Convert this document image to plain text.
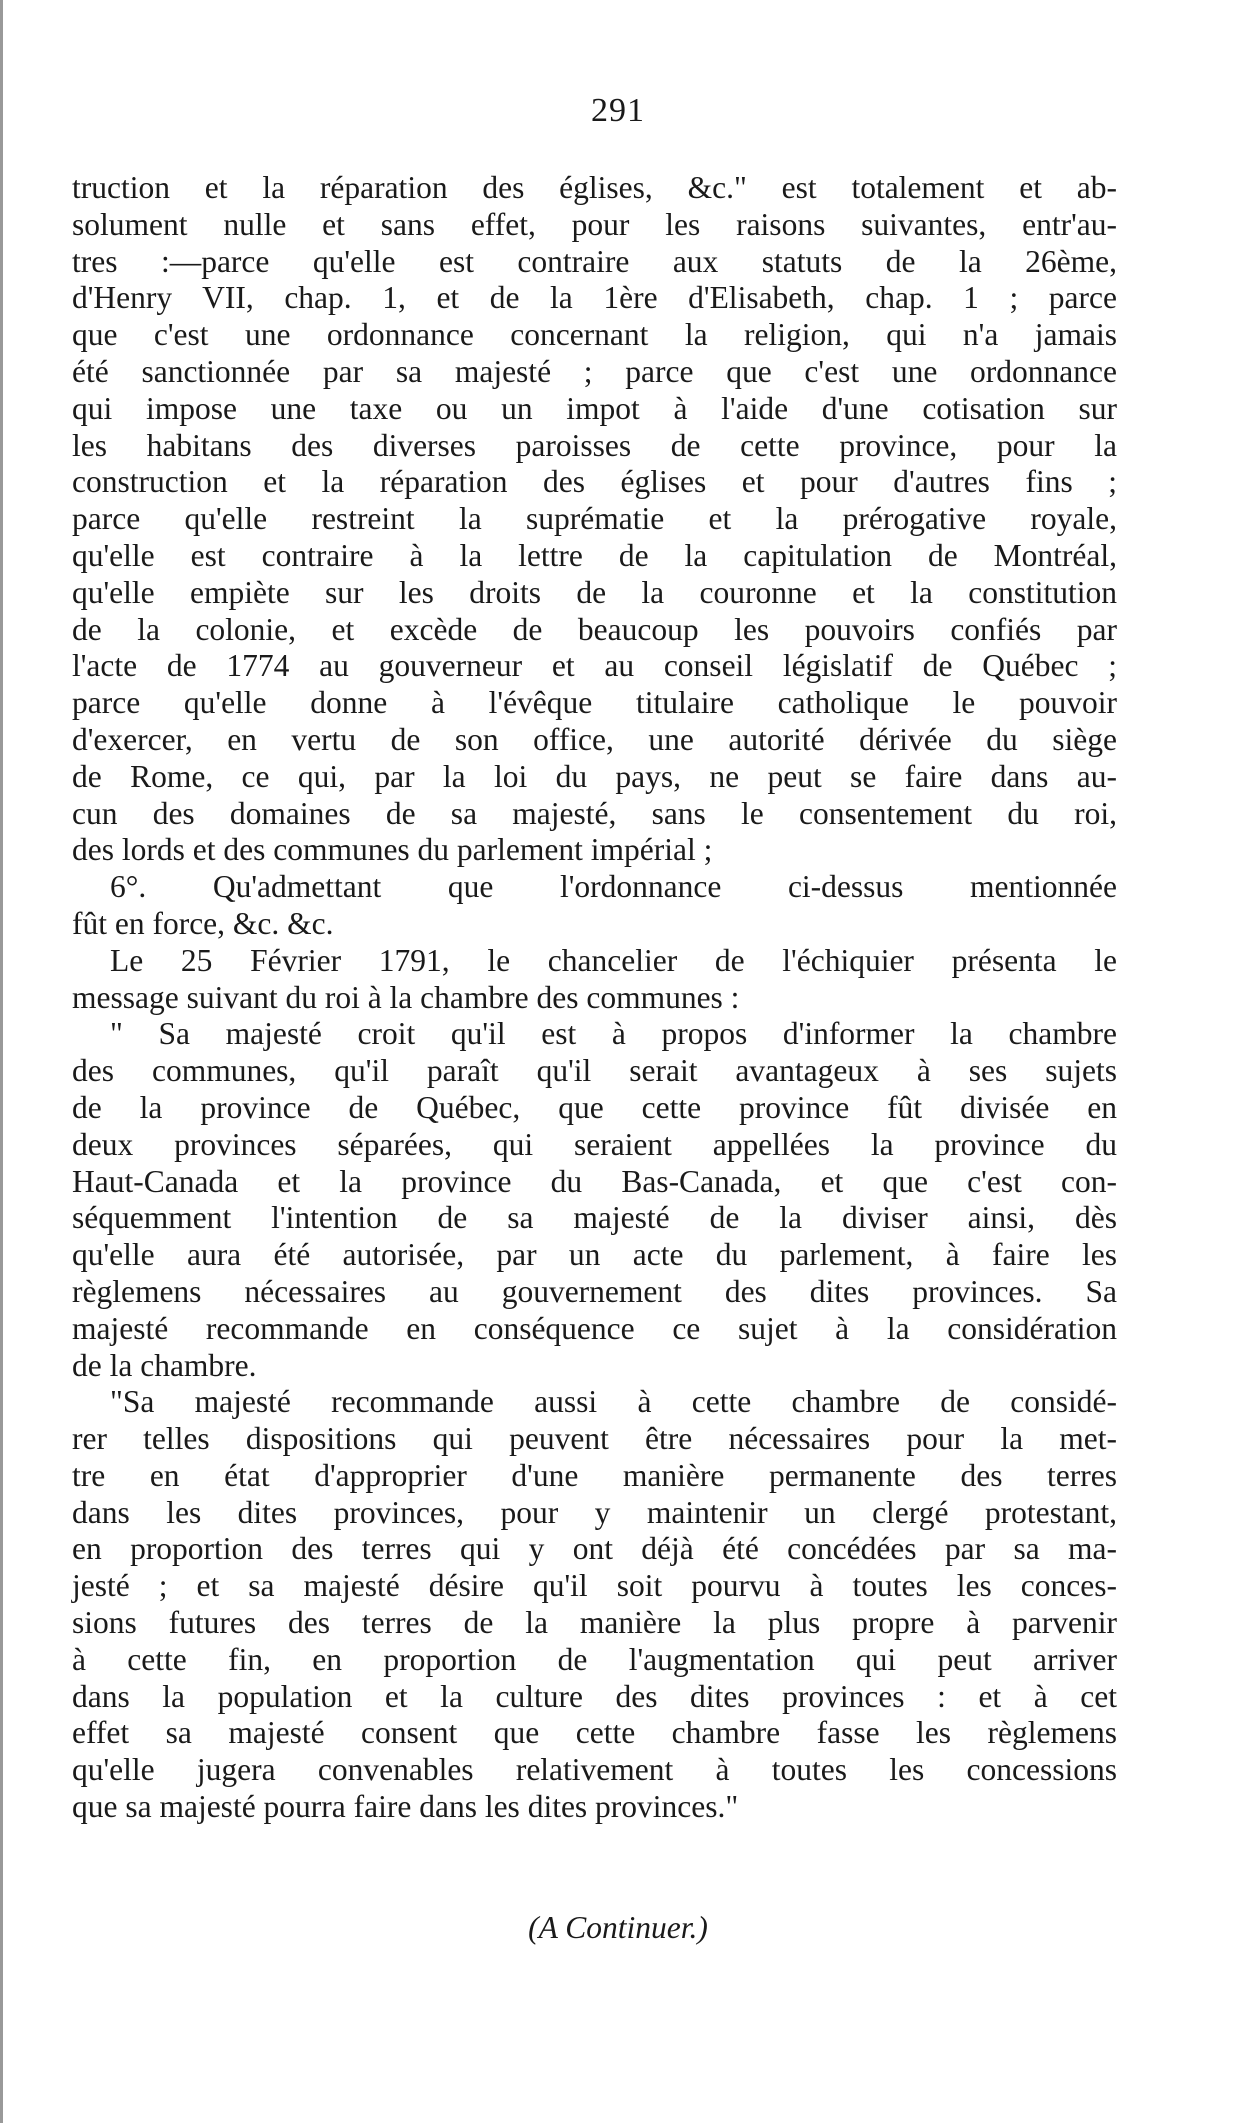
291
truction et la réparation des églises, &c." est totalement et ab-
solument nulle et sans effet, pour les raisons suivantes, entr'au-
tres :—parce qu'elle est contraire aux statuts de la 26ème,
d'Henry VII, chap. 1, et de la 1ère d'Elisabeth, chap. 1 ; parce
que c'est une ordonnance concernant la religion, qui n'a jamais
été sanctionnée par sa majesté ; parce que c'est une ordonnance
qui impose une taxe ou un impot à l'aide d'une cotisation sur
les habitans des diverses paroisses de cette province, pour la
construction et la réparation des églises et pour d'autres fins ;
parce qu'elle restreint la suprématie et la prérogative royale,
qu'elle est contraire à la lettre de la capitulation de Montréal,
qu'elle empiète sur les droits de la couronne et la constitution
de la colonie, et excède de beaucoup les pouvoirs confiés par
l'acte de 1774 au gouverneur et au conseil législatif de Québec ;
parce qu'elle donne à l'évêque titulaire catholique le pouvoir
d'exercer, en vertu de son office, une autorité dérivée du siège
de Rome, ce qui, par la loi du pays, ne peut se faire dans au-
cun des domaines de sa majesté, sans le consentement du roi,
des lords et des communes du parlement impérial ;
6°. Qu'admettant que l'ordonnance ci-dessus mentionnée
fût en force, &c. &c.
Le 25 Février 1791, le chancelier de l'échiquier présenta le
message suivant du roi à la chambre des communes :
" Sa majesté croit qu'il est à propos d'informer la chambre
des communes, qu'il paraît qu'il serait avantageux à ses sujets
de la province de Québec, que cette province fût divisée en
deux provinces séparées, qui seraient appellées la province du
Haut-Canada et la province du Bas-Canada, et que c'est con-
séquemment l'intention de sa majesté de la diviser ainsi, dès
qu'elle aura été autorisée, par un acte du parlement, à faire les
règlemens nécessaires au gouvernement des dites provinces. Sa
majesté recommande en conséquence ce sujet à la considération
de la chambre.
"Sa majesté recommande aussi à cette chambre de considé-
rer telles dispositions qui peuvent être nécessaires pour la met-
tre en état d'approprier d'une manière permanente des terres
dans les dites provinces, pour y maintenir un clergé protestant,
en proportion des terres qui y ont déjà été concédées par sa ma-
jesté ; et sa majesté désire qu'il soit pourvu à toutes les conces-
sions futures des terres de la manière la plus propre à parvenir
à cette fin, en proportion de l'augmentation qui peut arriver
dans la population et la culture des dites provinces : et à cet
effet sa majesté consent que cette chambre fasse les règlemens
qu'elle jugera convenables relativement à toutes les concessions
que sa majesté pourra faire dans les dites provinces."
(A Continuer.)
